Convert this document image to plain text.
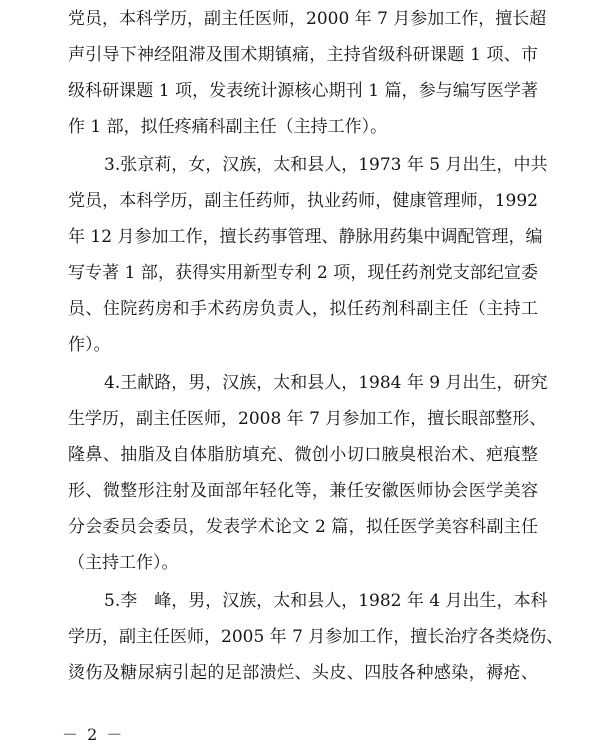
党员，本科学历，副主任医师，2000 年 7 月参加工作，擅长超
声引导下神经阻滞及围术期镇痛，主持省级科研课题 1 项、市
级科研课题 1 项，发表统计源核心期刊 1 篇，参与编写医学著
作 1 部，拟任疼痛科副主任（主持工作）。
3.张京莉，女，汉族，太和县人，1973 年 5 月出生，中共
党员，本科学历，副主任药师，执业药师，健康管理师，1992
年 12 月参加工作，擅长药事管理、静脉用药集中调配管理，编
写专著 1 部，获得实用新型专利 2 项，现任药剂党支部纪宣委
员、住院药房和手术药房负责人，拟任药剂科副主任（主持工
作）。
4.王献路，男，汉族，太和县人，1984 年 9 月出生，研究
生学历，副主任医师，2008 年 7 月参加工作，擅长眼部整形、
隆鼻、抽脂及自体脂肪填充、微创小切口腋臭根治术、疤痕整
形、微整形注射及面部年轻化等，兼任安徽医师协会医学美容
分会委员会委员，发表学术论文 2 篇，拟任医学美容科副主任
（主持工作）。
5.李　峰，男，汉族，太和县人，1982 年 4 月出生，本科
学历，副主任医师，2005 年 7 月参加工作，擅长治疗各类烧伤、
烫伤及糖尿病引起的足部溃烂、头皮、四肢各种感染，褥疮、
－ 2 －
